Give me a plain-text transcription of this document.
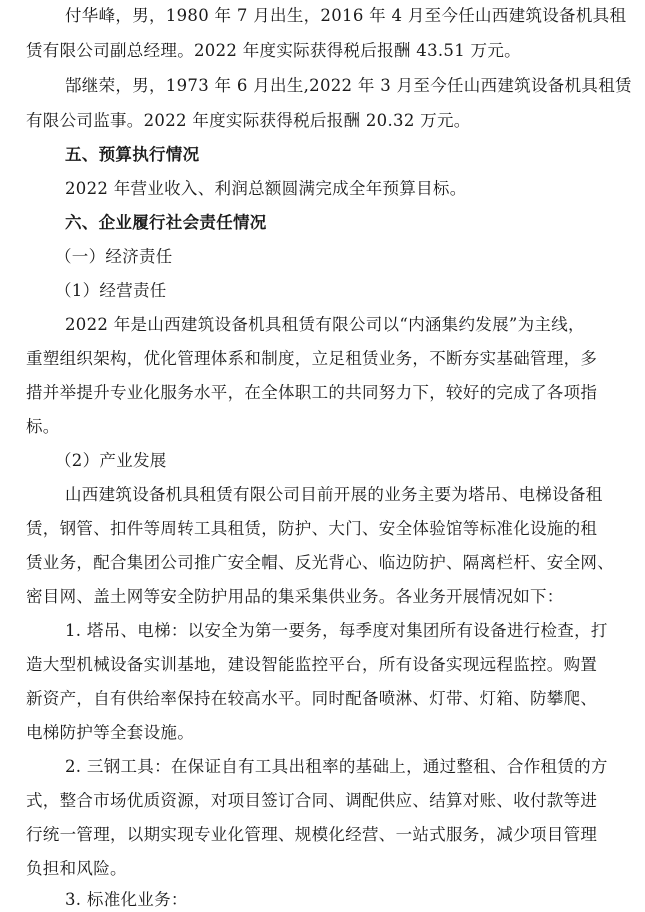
付华峰，男，1980 年 7 月出生，2016 年 4 月至今任山西建筑设备机具租
赁有限公司副总经理。2022 年度实际获得税后报酬 43.51 万元。
郜继荣，男，1973 年 6 月出生,2022 年 3 月至今任山西建筑设备机具租赁
有限公司监事。2022 年度实际获得税后报酬 20.32 万元。
五、预算执行情况
2022 年营业收入、利润总额圆满完成全年预算目标。
六、企业履行社会责任情况
（一）经济责任
（1）经营责任
2022 年是山西建筑设备机具租赁有限公司以“内涵集约发展”为主线，
重塑组织架构，优化管理体系和制度，立足租赁业务，不断夯实基础管理，多
措并举提升专业化服务水平，在全体职工的共同努力下，较好的完成了各项指
标。
（2）产业发展
山西建筑设备机具租赁有限公司目前开展的业务主要为塔吊、电梯设备租
赁，钢管、扣件等周转工具租赁，防护、大门、安全体验馆等标准化设施的租
赁业务，配合集团公司推广安全帽、反光背心、临边防护、隔离栏杆、安全网、
密目网、盖土网等安全防护用品的集采集供业务。各业务开展情况如下：
1. 塔吊、电梯：以安全为第一要务，每季度对集团所有设备进行检查，打
造大型机械设备实训基地，建设智能监控平台，所有设备实现远程监控。购置
新资产，自有供给率保持在较高水平。同时配备喷淋、灯带、灯箱、防攀爬、
电梯防护等全套设施。
2. 三钢工具：在保证自有工具出租率的基础上，通过整租、合作租赁的方
式，整合市场优质资源，对项目签订合同、调配供应、结算对账、收付款等进
行统一管理，以期实现专业化管理、规模化经营、一站式服务，减少项目管理
负担和风险。
3. 标准化业务：
